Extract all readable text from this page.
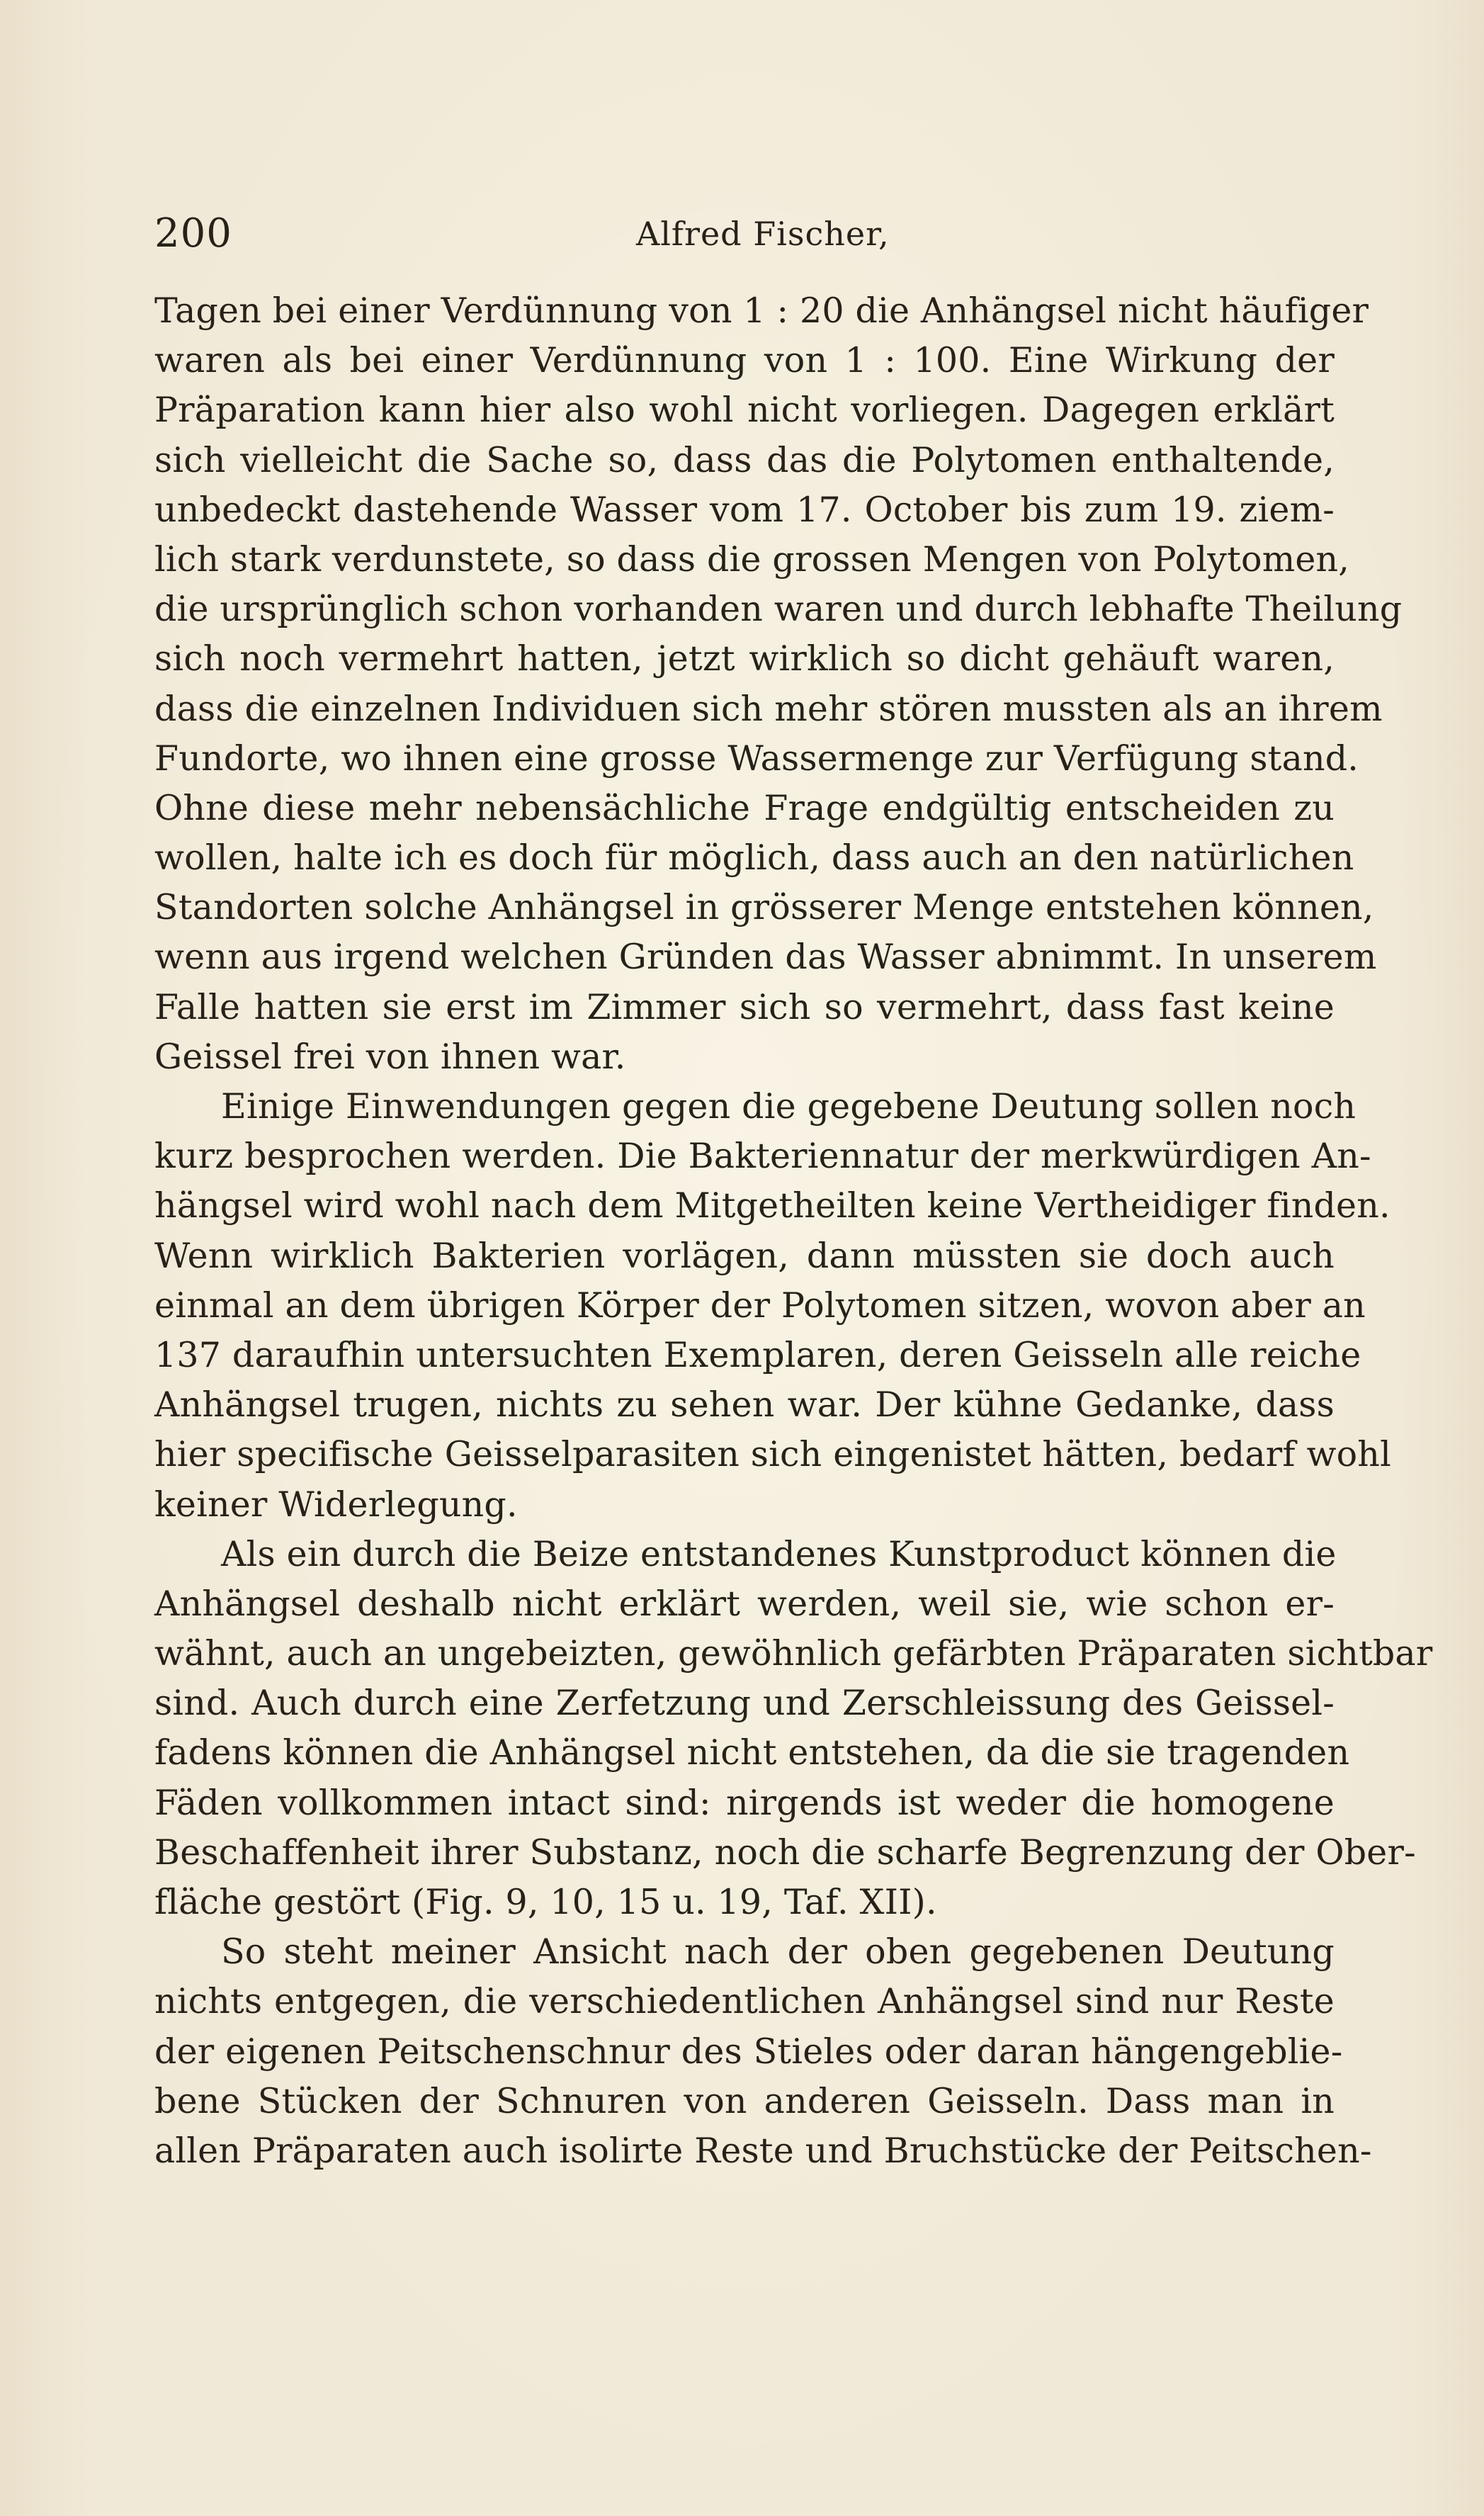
200	Alfred Fischer,
Tagen bei einer Verdünnung von 1 : 20 die Anhängsel nicht häufiger
waren als bei einer Verdünnung von 1 : 100. Eine Wirkung der
Präparation kann hier also wohl nicht vorliegen. Dagegen erklärt
sich vielleicht die Sache so, dass das die Polytomen enthaltende,
unbedeckt dastehende Wasser vom 17. October bis zum 19. ziem-
lich stark verdunstete, so dass die grossen Mengen von Polytomen,
die ursprünglich schon vorhanden waren und durch lebhafte Theilung
sich noch vermehrt hatten, jetzt wirklich so dicht gehäuft waren,
dass die einzelnen Individuen sich mehr stören mussten als an ihrem
Fundorte, wo ihnen eine grosse Wassermenge zur Verfügung stand.
Ohne diese mehr nebensächliche Frage endgültig entscheiden zu
wollen, halte ich es doch für möglich, dass auch an den natürlichen
Standorten solche Anhängsel in grösserer Menge entstehen können,
wenn aus irgend welchen Gründen das Wasser abnimmt. In unserem
Falle hatten sie erst im Zimmer sich so vermehrt, dass fast keine
Geissel frei von ihnen war.
Einige Einwendungen gegen die gegebene Deutung sollen noch
kurz besprochen werden. Die Bakteriennatur der merkwürdigen An-
hängsel wird wohl nach dem Mitgetheilten keine Vertheidiger finden.
Wenn wirklich Bakterien vorlägen, dann müssten sie doch auch
einmal an dem übrigen Körper der Polytomen sitzen, wovon aber an
137 daraufhin untersuchten Exemplaren, deren Geisseln alle reiche
Anhängsel trugen, nichts zu sehen war. Der kühne Gedanke, dass
hier specifische Geisselparasiten sich eingenistet hätten, bedarf wohl
keiner Widerlegung.
Als ein durch die Beize entstandenes Kunstproduct können die
Anhängsel deshalb nicht erklärt werden, weil sie, wie schon er-
wähnt, auch an ungebeizten, gewöhnlich gefärbten Präparaten sichtbar
sind. Auch durch eine Zerfetzung und Zerschleissung des Geissel-
fadens können die Anhängsel nicht entstehen, da die sie tragenden
Fäden vollkommen intact sind: nirgends ist weder die homogene
Beschaffenheit ihrer Substanz, noch die scharfe Begrenzung der Ober-
fläche gestört (Fig. 9, 10, 15 u. 19, Taf. XII).
So steht meiner Ansicht nach der oben gegebenen Deutung
nichts entgegen, die verschiedentlichen Anhängsel sind nur Reste
der eigenen Peitschenschnur des Stieles oder daran hängengeblie-
bene Stücken der Schnuren von anderen Geisseln. Dass man in
allen Präparaten auch isolirte Reste und Bruchstücke der Peitschen-
